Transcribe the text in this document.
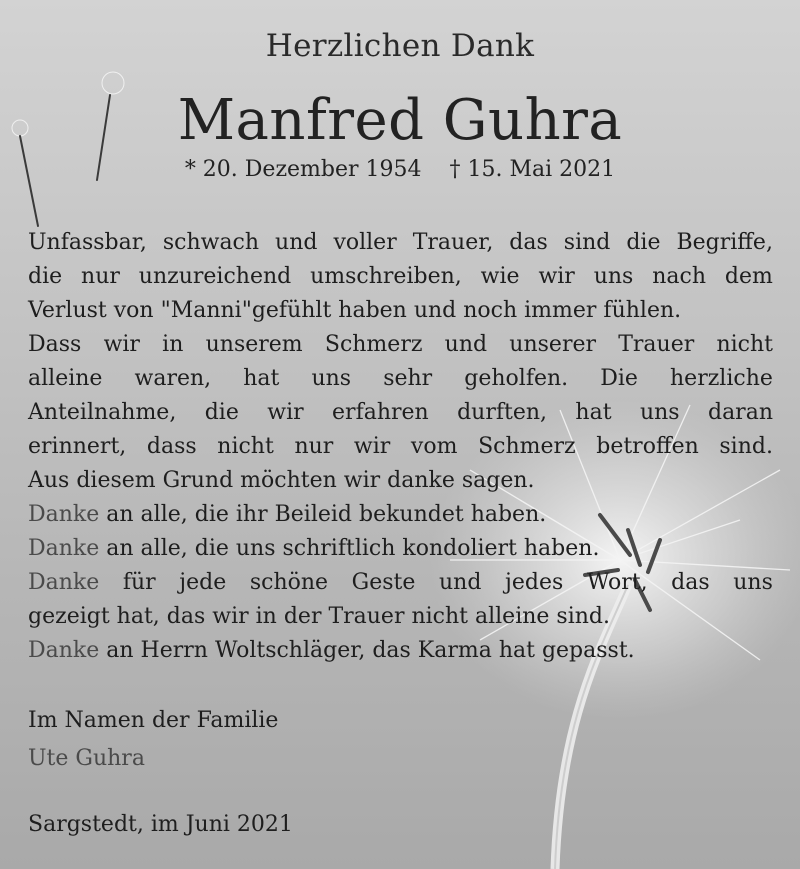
Herzlichen Dank
Manfred Guhra
* 20. Dezember 1954 † 15. Mai 2021
Unfassbar, schwach und voller Trauer, das sind die Begriffe,
die nur unzureichend umschreiben, wie wir uns nach dem
Verlust von "Manni"gefühlt haben und noch immer fühlen.
Dass wir in unserem Schmerz und unserer Trauer nicht
alleine waren, hat uns sehr geholfen. Die herzliche
Anteilnahme, die wir erfahren durften, hat uns daran
erinnert, dass nicht nur wir vom Schmerz betroffen sind.
Aus diesem Grund möchten wir danke sagen.
Danke an alle, die ihr Beileid bekundet haben.
Danke an alle, die uns schriftlich kondoliert haben.
Danke für jede schöne Geste und jedes Wort, das uns
gezeigt hat, das wir in der Trauer nicht alleine sind.
Danke an Herrn Woltschläger, das Karma hat gepasst.
Im Namen der Familie
Ute Guhra
Sargstedt, im Juni 2021
